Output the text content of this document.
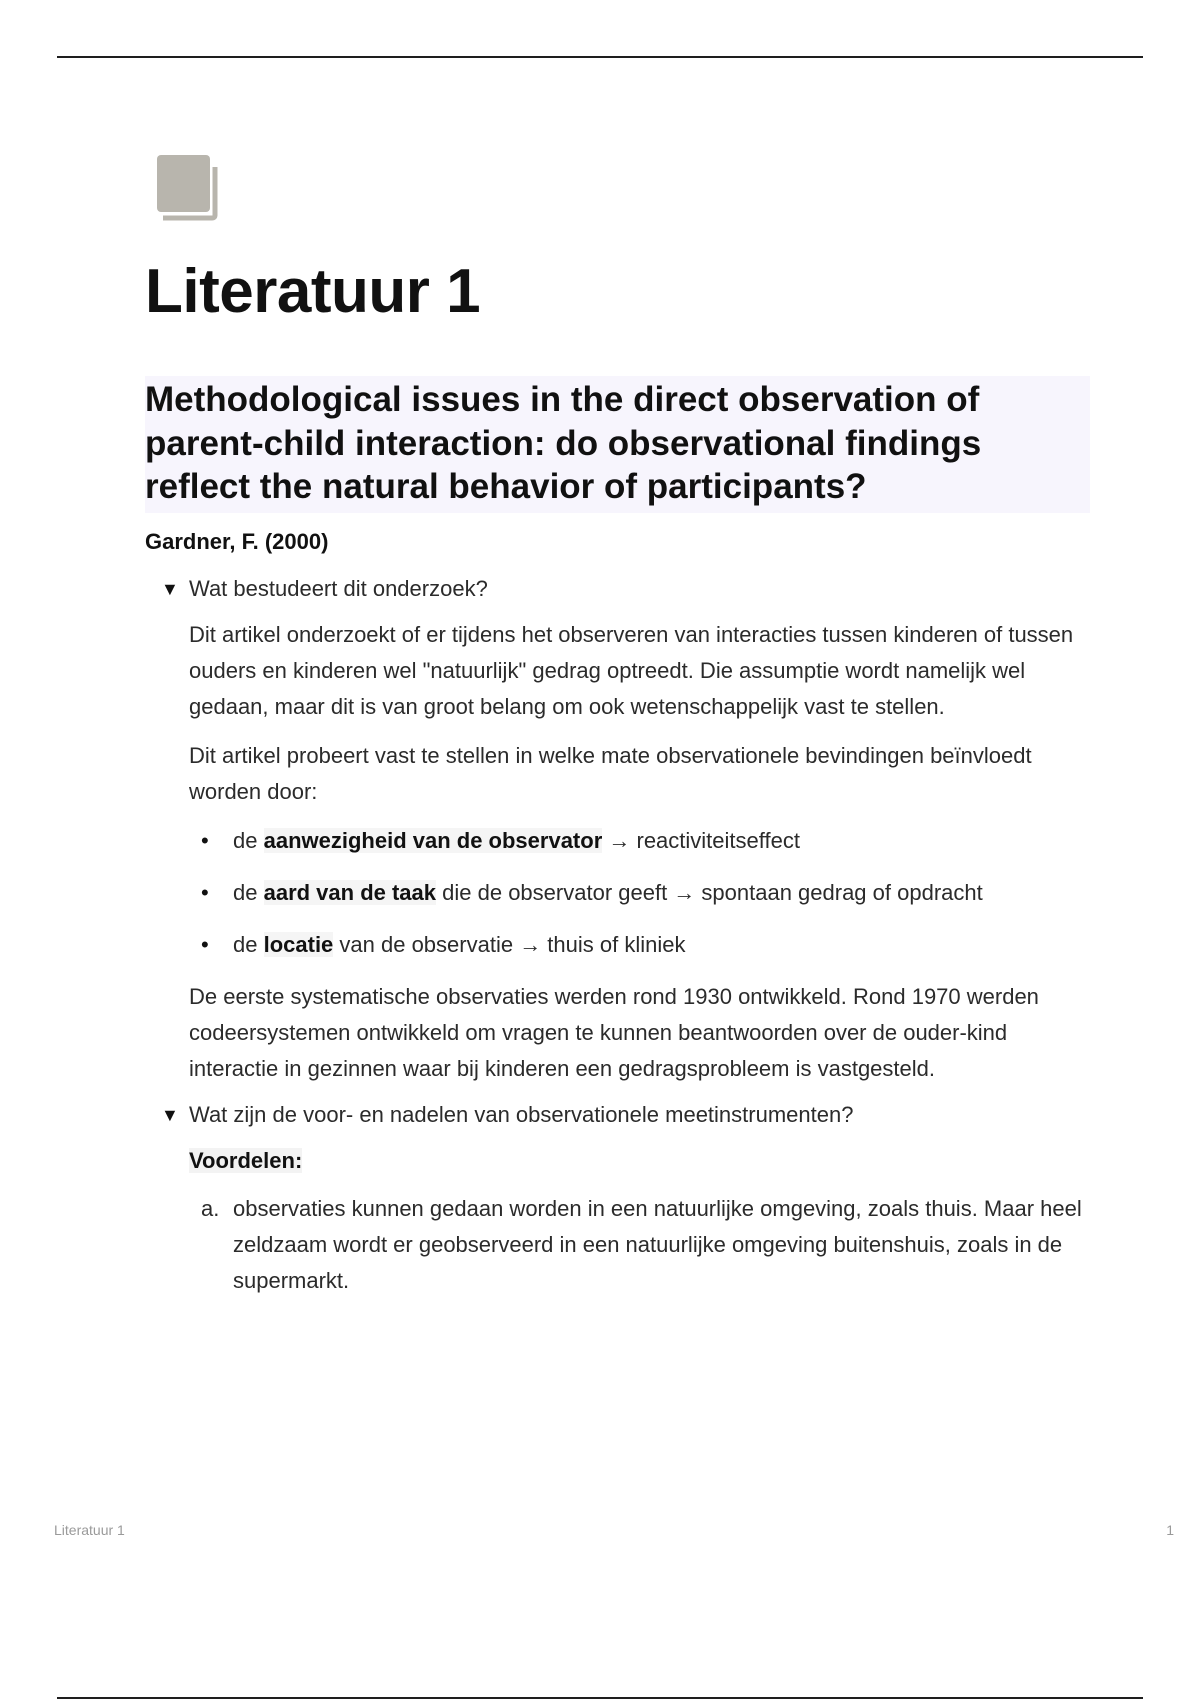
Literatuur 1
Methodological issues in the direct observation of parent-child interaction: do observational findings reflect the natural behavior of participants?

Gardner, F. (2000)

▼ Wat bestudeert dit onderzoek?

Dit artikel onderzoekt of er tijdens het observeren van interacties tussen kinderen of tussen ouders en kinderen wel "natuurlijk" gedrag optreedt. Die assumptie wordt namelijk wel gedaan, maar dit is van groot belang om ook wetenschappelijk vast te stellen.

Dit artikel probeert vast te stellen in welke mate observationele bevindingen beïnvloedt worden door:

• de aanwezigheid van de observator → reactiviteitseffect
• de aard van de taak die de observator geeft → spontaan gedrag of opdracht
• de locatie van de observatie → thuis of kliniek

De eerste systematische observaties werden rond 1930 ontwikkeld. Rond 1970 werden codeersystemen ontwikkeld om vragen te kunnen beantwoorden over de ouder-kind interactie in gezinnen waar bij kinderen een gedragsprobleem is vastgesteld.

▼ Wat zijn de voor- en nadelen van observationele meetinstrumenten?

Voordelen:

a. observaties kunnen gedaan worden in een natuurlijke omgeving, zoals thuis. Maar heel zeldzaam wordt er geobserveerd in een natuurlijke omgeving buitenshuis, zoals in de supermarkt.
Literatuur 1	1
